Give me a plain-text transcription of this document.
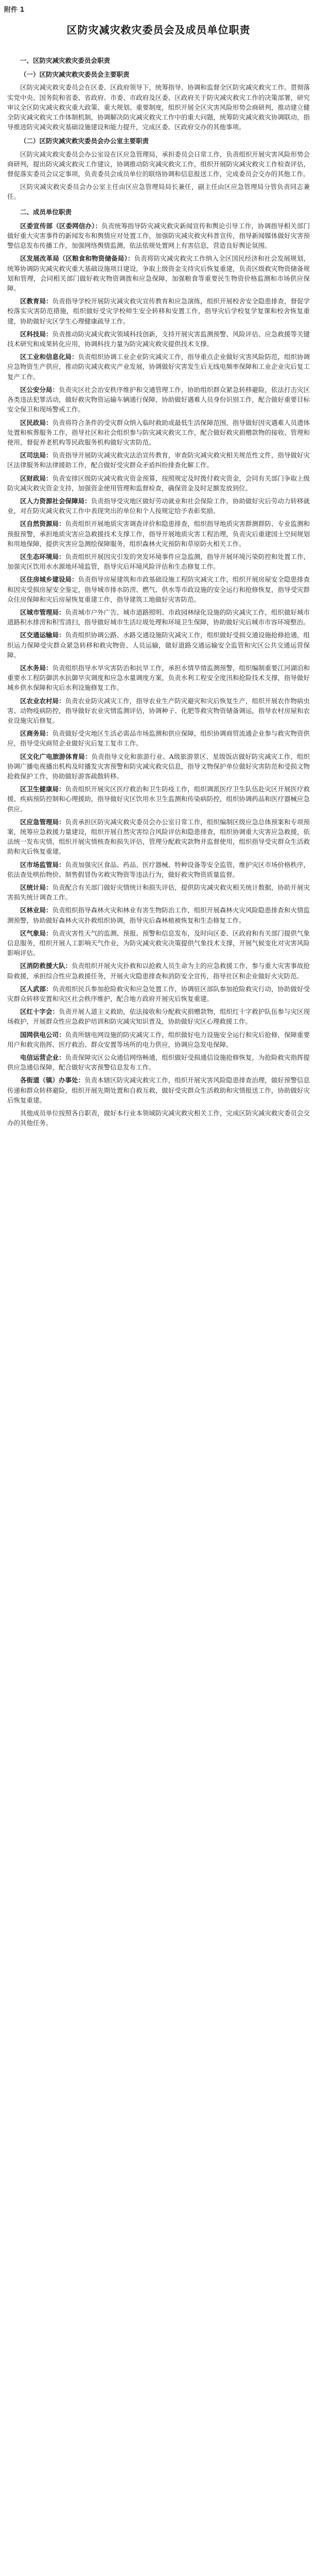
附件 1
区防灾减灾救灾委员会及成员单位职责
一、区防灾减灾救灾委员会职责
（一）区防灾减灾救灾委员会主要职责

区防灾减灾救灾委员会在区委、区政府领导下，统筹指导、协调和监督全区防灾减灾救灾工作。贯彻落实党中央、国务院和省委、省政府、市委、市政府及区委、区政府关于防灾减灾救灾工作的决策部署，研究审议全区防灾减灾救灾重大政策、重大规划、重要制度，组织开展全区灾害风险形势会商研判，推动建立健全防灾减灾救灾工作体制机制，协调解决防灾减灾救灾工作中的重大问题，统筹防灾减灾救灾协调联动，指导推进防灾减灾救灾基础设施建设和能力提升，完成区委、区政府交办的其他事项。

（二）区防灾减灾救灾委员会办公室主要职责

区防灾减灾救灾委员会办公室设在区应急管理局，承担委员会日常工作，负责组织开展灾害风险形势会商研判，提出防灾减灾救灾工作建议，协调推动防灾减灾救灾工作，组织开展防灾减灾救灾工作检查评估，督促落实委员会议定事项，负责委员会成员单位的联络协调和信息报送工作，完成委员会交办的其他工作。

区防灾减灾救灾委员会办公室主任由区应急管理局局长兼任，副主任由区应急管理局分管负责同志兼任。

二、成员单位职责

区委宣传部（区委网信办）：负责统筹指导防灾减灾救灾新闻宣传和舆论引导工作，协调指导相关部门做好重大灾害事件的新闻发布和舆情应对处置工作，加强防灾减灾救灾科普宣传，指导新闻媒体做好灾害预警信息发布传播工作，加强网络舆情监测，依法依规处置网上有害信息，营造良好舆论氛围。

区发展改革局（区粮食和物资储备局）：负责将防灾减灾救灾工作纳入全区国民经济和社会发展规划，统筹协调防灾减灾救灾重大基础设施项目建设，争取上级资金支持灾后恢复重建，负责区级救灾物资储备规划和管理，会同相关部门做好救灾物资调拨和应急保障，加强粮食等重要民生物资价格监测和市场供应保障。

区教育局：负责指导学校开展防灾减灾救灾宣传教育和应急演练，组织开展校舍安全隐患排查，督促学校落实灾害防范措施，组织做好受灾学校师生安全转移和安置工作，指导灾后学校复学复课和校舍恢复重建，协助做好灾区学生心理健康疏导工作。

区科技局：负责推动防灾减灾救灾领域科技创新，支持开展灾害监测预警、风险评估、应急救援等关键技术研究和成果转化应用，协调科技力量为防灾减灾救灾提供技术支撑。

区工业和信息化局：负责组织协调工业企业防灾减灾工作，指导重点企业做好灾害风险防范，组织协调应急物资生产供应，推动防灾减灾救灾产业发展，协调做好灾害发生后无线电频率保障和工业企业灾后复工复产工作。

区公安分局：负责灾区社会治安秩序维护和交通管理工作，协助组织群众紧急转移避险，依法打击灾区各类违法犯罪活动，做好救灾物资运输车辆通行保障，协助做好遇难人员身份识别工作，配合做好重要目标安全保卫和现场警戒工作。

区民政局：负责将符合条件的受灾群众纳入临时救助或最低生活保障范围，指导做好因灾遇难人员遗体处置和殡葬服务工作，指导社区和社会组织参与防灾减灾救灾工作，配合做好救灾捐赠款物的接收、管理和使用，督促养老机构等民政服务机构做好灾害防范。

区司法局：负责指导开展防灾减灾救灾法治宣传教育，审查防灾减灾救灾相关规范性文件，指导做好灾区法律服务和法律援助工作，配合做好受灾群众矛盾纠纷排查化解工作。

区财政局：负责安排区级防灾减灾救灾资金预算，按照规定及时拨付救灾资金，会同有关部门争取上级防灾减灾救灾资金支持，加强资金使用管理和监督检查，确保资金及时足额发放到位。

区人力资源社会保障局：负责指导受灾地区做好劳动就业和社会保险工作，协助做好灾后劳动力转移就业，对在防灾减灾救灾工作中表现突出的单位和个人按规定给予表彰奖励。

区自然资源局：负责组织开展地质灾害调查评价和隐患排查，组织指导地质灾害群测群防、专业监测和预报预警，承担地质灾害应急救援技术支撑工作，指导开展地质灾害工程治理，负责灾后重建国土空间规划和用地保障，提供灾害应急测绘保障服务，组织森林火灾预防和草原防火相关工作。

区生态环境局：负责组织开展因灾引发的突发环境事件应急监测，指导开展环境污染防控和处置工作，加强灾区饮用水水源地环境监管，指导灾后环境风险评估和生态修复工作。

区住房城乡建设局：负责指导房屋建筑和市政基础设施工程防灾减灾工作，组织开展房屋安全隐患排查和因灾受损房屋安全鉴定，指导城市排水防涝、燃气、供水等市政设施的安全运行和抢修恢复，指导受灾群众住房保障和灾后房屋恢复重建工作，指导建筑工地做好灾害防范。

区城市管理局：负责城市户外广告、城市道路照明、市政园林绿化设施的防灾减灾工作，组织做好城市道路积水排涝和积雪清扫，指导做好城市生活垃圾处理和环境卫生保障，协助做好灾后城市市容环境整治。

区交通运输局：负责组织协调公路、水路交通设施防灾减灾工作，组织做好受损交通设施抢修抢通，组织运力保障受灾群众紧急转移和救灾物资、人员运输，做好道路交通运输安全监管和灾区公共交通运营保障。

区水务局：负责组织指导水旱灾害防治和抗旱工作，承担水情旱情监测预警，组织编制重要江河湖泊和重要水工程防御洪水抗御旱灾调度和应急水量调度方案，负责水利工程安全度汛和抢险技术支撑，指导做好城乡供水保障和灾后水利设施修复工作。

区农业农村局：负责农业防灾减灾工作，指导农业生产防灾避灾和灾后恢复生产，组织开展农作物病虫害、动物疫病防控，指导做好农业灾情监测评估，协调种子、化肥等救灾物资储备调运，指导农村房屋和农业设施灾后修复。

区商务局：负责做好受灾地区生活必需品市场监测和供应保障，组织协调商贸流通企业参与救灾物资供应，指导受灾商贸企业做好灾后复工复市工作。

区文化广电旅游体育局：负责指导文化和旅游行业、A级旅游景区、星级饭店做好防灾减灾工作，组织协调广播电视播出机构及时播发灾害预警和防灾减灾救灾信息，指导文物保护单位做好灾害防范和受损文物抢救保护工作，协助做好游客疏散转移。

区卫生健康局：负责组织开展灾区医疗救治和卫生防疫工作，组织调派医疗卫生队伍赴灾区开展医疗救援、疾病预防控制和心理援助，指导做好灾区饮用水卫生监测和传染病防控，组织协调药品和医疗器械应急供应。

区应急管理局：负责承担区防灾减灾救灾委员会办公室日常工作，组织编制区级应急总体预案和专项预案，统筹应急救援力量建设，组织开展自然灾害综合风险评估和隐患排查，组织协调重大灾害应急救援，依法统一发布灾情，组织开展灾情核查和损失评估，管理分配救灾款物并监督使用，组织指导受灾群众生活救助和灾后恢复重建。

区市场监管局：负责加强灾区食品、药品、医疗器械、特种设备等安全监管，维护灾区市场价格秩序，依法查处哄抬物价、制售假冒伪劣救灾物资等违法行为，做好救灾物资质量监督。

区统计局：负责配合有关部门做好灾情统计和损失评估，提供防灾减灾救灾相关统计数据，协助开展灾害损失统计调查工作。

区林业局：负责组织指导森林火灾和林业有害生物防治工作，组织开展森林火灾风险隐患排查和火情监测预警，协助做好森林火灾扑救组织协调，指导灾后森林植被恢复和生态修复工作。

区气象局：负责灾害性天气的监测、预报、预警和信息发布，及时向区委、区政府和有关部门提供气象信息服务，组织开展人工影响天气作业，为防灾减灾救灾决策提供气象技术支撑，开展气候变化对灾害风险影响评估。

区消防救援大队：负责组织开展火灾扑救和以抢救人员生命为主的应急救援工作，参与重大灾害事故抢险救援，承担综合性应急救援任务，开展火灾隐患排查和消防安全宣传，指导社区和企业做好火灾防范。

区人武部：负责组织民兵参加抢险救灾和应急处置工作，协调驻区部队参加抢险救灾行动，协助做好受灾群众转移安置和灾区社会秩序维护，配合地方政府开展灾后恢复重建。

区红十字会：负责开展人道主义救助，依法接收和分配救灾捐赠款物，组织红十字救护队伍参与灾区现场救护，开展群众性应急救护培训和防灾减灾知识普及，协助做好灾区心理救援工作。

国网供电公司：负责所辖电网设施的防灾减灾工作，组织做好电力设施安全运行和灾后抢修，保障重要用户和救灾指挥、医疗救治、群众安置等场所的电力供应，协调应急发电保障。

电信运营企业：负责保障灾区公众通信网络畅通，组织做好受损通信设施抢修恢复，为抢险救灾指挥提供应急通信保障，配合做好灾害预警信息发布工作。

各街道（镇）办事处：负责本辖区防灾减灾救灾工作，组织开展灾害风险隐患排查治理，做好预警信息传递和群众转移避险，组织开展先期处置和自救互救，做好受灾群众生活救助和灾情报送工作，协助做好灾后恢复重建。

其他成员单位按照各自职责，做好本行业本领域防灾减灾救灾相关工作，完成区防灾减灾救灾委员会交办的其他任务。
